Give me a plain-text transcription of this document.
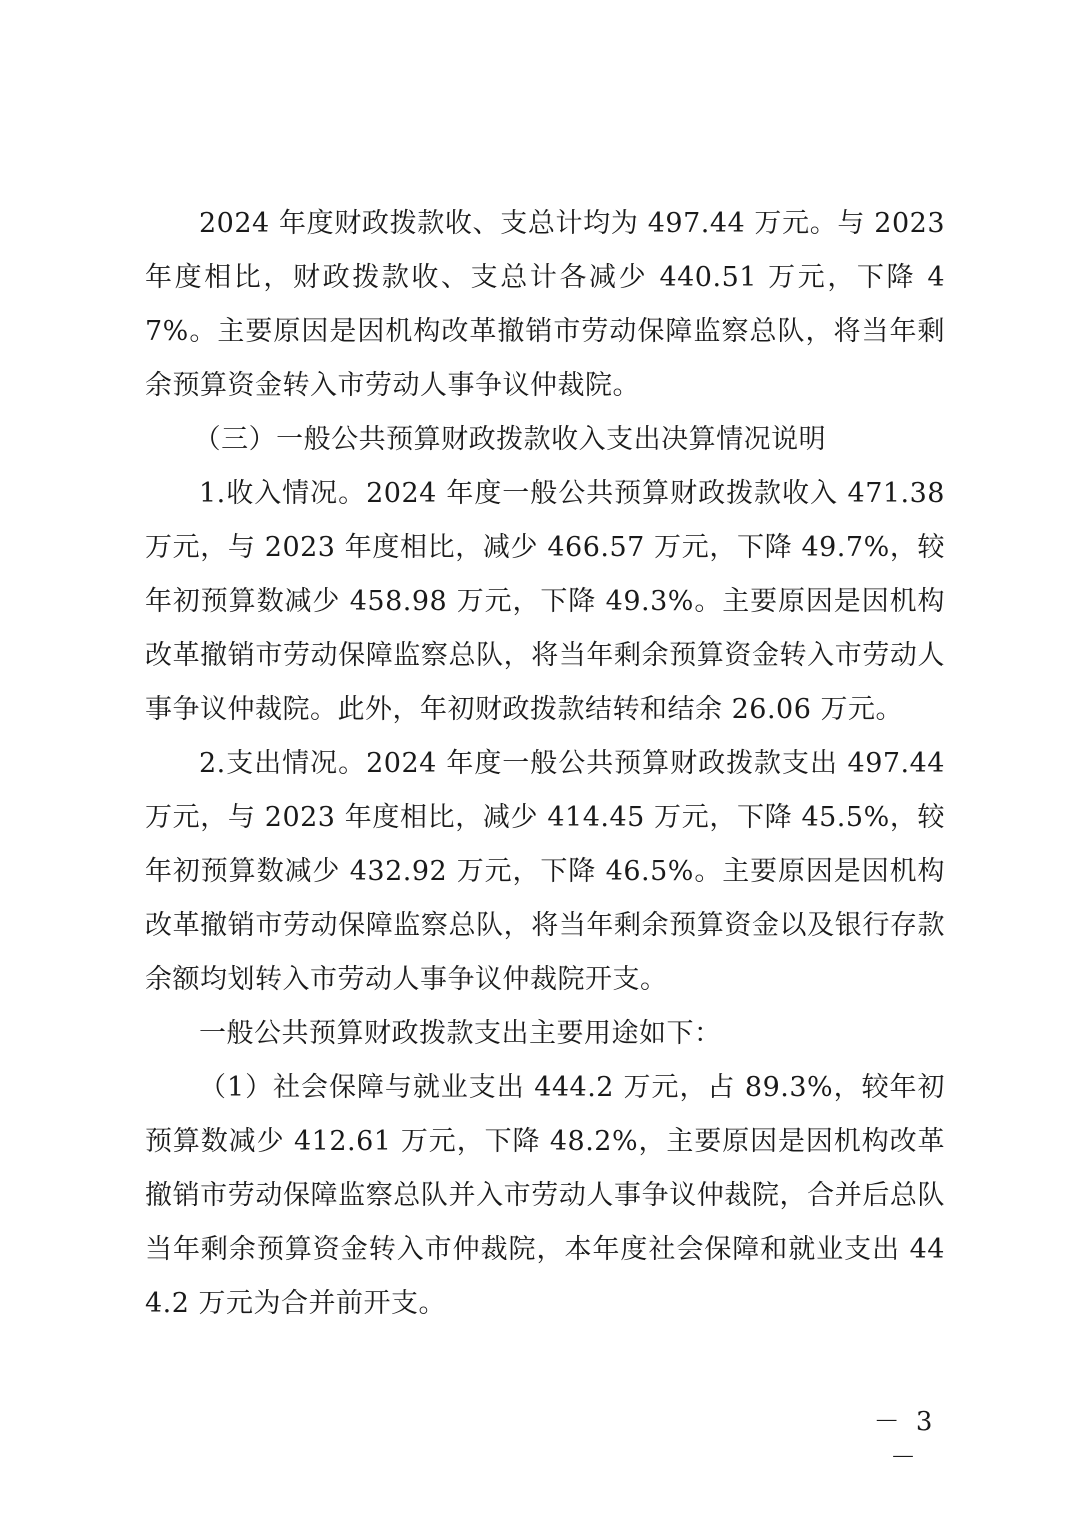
2024 年度财政拨款收、支总计均为 497.44 万元。与 2023 年度相比，财政拨款收、支总计各减少 440.51 万元，下降 47%。主要原因是因机构改革撤销市劳动保障监察总队，将当年剩余预算资金转入市劳动人事争议仲裁院。

（三）一般公共预算财政拨款收入支出决算情况说明

1.收入情况。2024 年度一般公共预算财政拨款收入 471.38 万元，与 2023 年度相比，减少 466.57 万元，下降 49.7%，较年初预算数减少 458.98 万元，下降 49.3%。主要原因是因机构改革撤销市劳动保障监察总队，将当年剩余预算资金转入市劳动人事争议仲裁院。此外，年初财政拨款结转和结余 26.06 万元。

2.支出情况。2024 年度一般公共预算财政拨款支出 497.44 万元，与 2023 年度相比，减少 414.45 万元，下降 45.5%，较年初预算数减少 432.92 万元，下降 46.5%。主要原因是因机构改革撤销市劳动保障监察总队，将当年剩余预算资金以及银行存款余额均划转入市劳动人事争议仲裁院开支。

一般公共预算财政拨款支出主要用途如下：

（1）社会保障与就业支出 444.2 万元，占 89.3%，较年初预算数减少 412.61 万元，下降 48.2%，主要原因是因机构改革撤销市劳动保障监察总队并入市劳动人事争议仲裁院，合并后总队当年剩余预算资金转入市仲裁院，本年度社会保障和就业支出 444.2 万元为合并前开支。

－ 3 －
